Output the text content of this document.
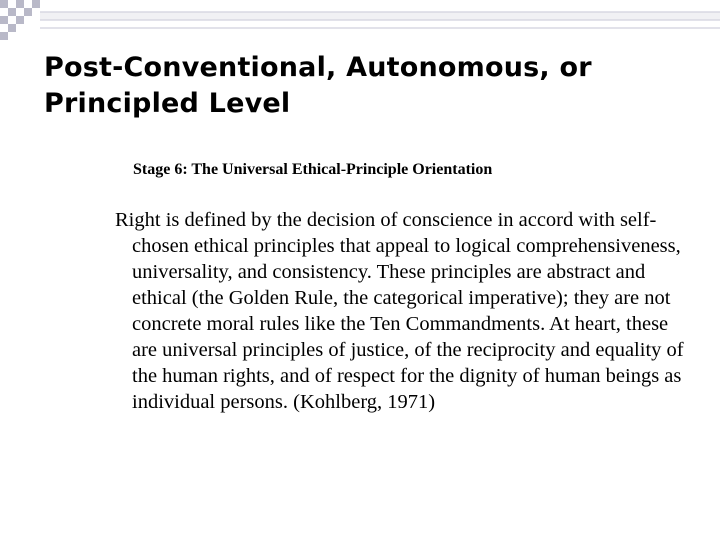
Post-Conventional, Autonomous, or Principled Level
Stage 6: The Universal Ethical-Principle Orientation
Right is defined by the decision of conscience in accord with self-chosen ethical principles that appeal to logical comprehensiveness, universality, and consistency. These principles are abstract and ethical (the Golden Rule, the categorical imperative); they are not concrete moral rules like the Ten Commandments. At heart, these are universal principles of justice, of the reciprocity and equality of the human rights, and of respect for the dignity of human beings as individual persons. (Kohlberg, 1971)
